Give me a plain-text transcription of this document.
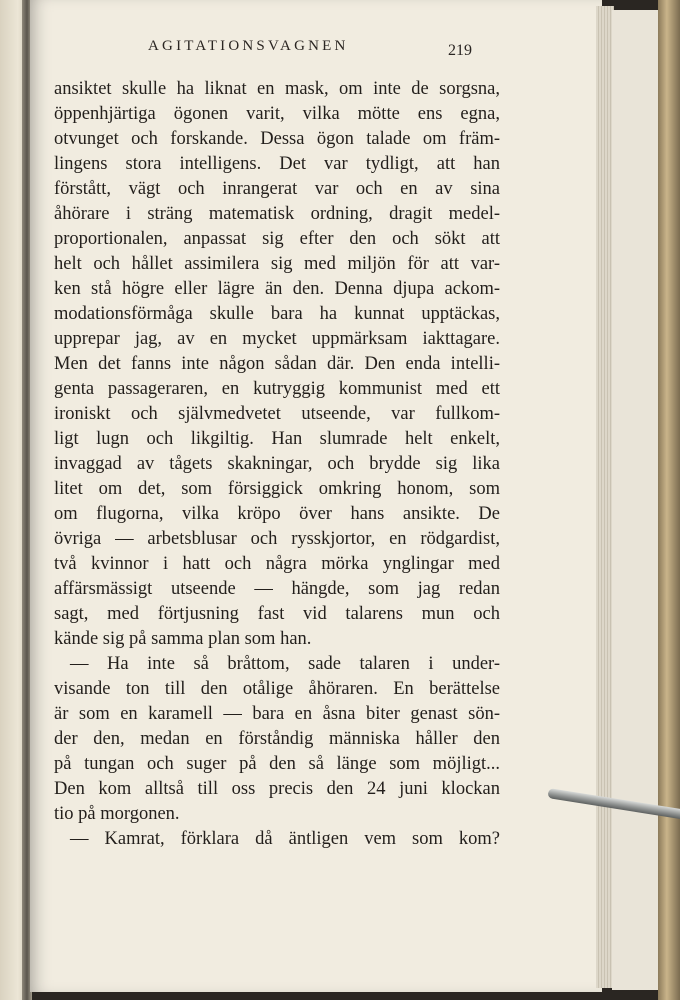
AGITATIONSVAGNEN	219
ansiktet skulle ha liknat en mask, om inte de sorgsna,
öppenhjärtiga ögonen varit, vilka mötte ens egna,
otvunget och forskande. Dessa ögon talade om främ-
lingens stora intelligens. Det var tydligt, att han
förstått, vägt och inrangerat var och en av sina
åhörare i sträng matematisk ordning, dragit medel-
proportionalen, anpassat sig efter den och sökt att
helt och hållet assimilera sig med miljön för att var-
ken stå högre eller lägre än den. Denna djupa ackom-
modationsförmåga skulle bara ha kunnat upptäckas,
upprepar jag, av en mycket uppmärksam iakttagare.
Men det fanns inte någon sådan där. Den enda intelli-
genta passageraren, en kutryggig kommunist med ett
ironiskt och självmedvetet utseende, var fullkom-
ligt lugn och likgiltig. Han slumrade helt enkelt,
invaggad av tågets skakningar, och brydde sig lika
litet om det, som försiggick omkring honom, som
om flugorna, vilka kröpo över hans ansikte. De
övriga — arbetsblusar och rysskjortor, en rödgardist,
två kvinnor i hatt och några mörka ynglingar med
affärsmässigt utseende — hängde, som jag redan
sagt, med förtjusning fast vid talarens mun och
kände sig på samma plan som han.
— Ha inte så bråttom, sade talaren i under-
visande ton till den otålige åhöraren. En berättelse
är som en karamell — bara en åsna biter genast sön-
der den, medan en förståndig människa håller den
på tungan och suger på den så länge som möjligt...
Den kom alltså till oss precis den 24 juni klockan
tio på morgonen.
— Kamrat, förklara då äntligen vem som kom?
